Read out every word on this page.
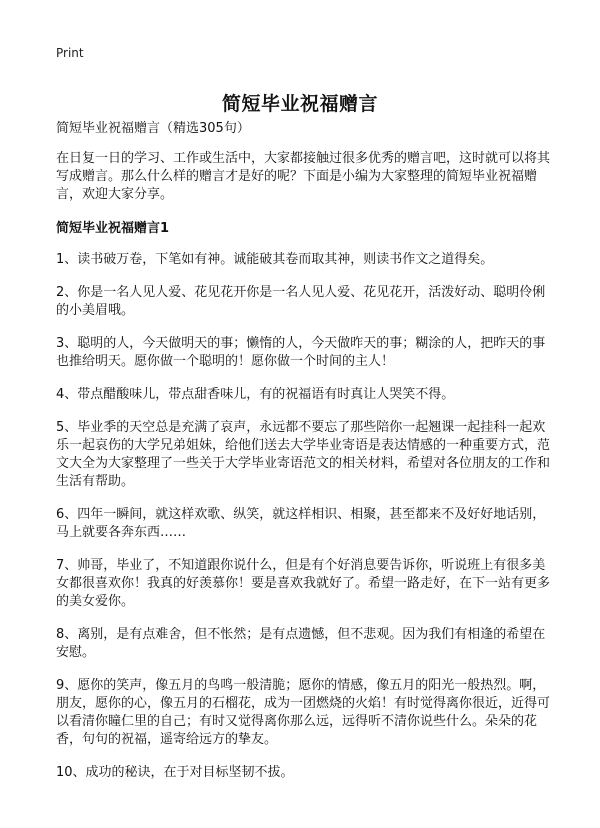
Print
简短毕业祝福赠言

简短毕业祝福赠言（精选305句）

在日复一日的学习、工作或生活中，大家都接触过很多优秀的赠言吧，这时就可以将其写成赠言。那么什么样的赠言才是好的呢？下面是小编为大家整理的简短毕业祝福赠言，欢迎大家分享。

简短毕业祝福赠言1

1、读书破万卷，下笔如有神。诚能破其卷而取其神，则读书作文之道得矣。

2、你是一名人见人爱、花见花开你是一名人见人爱、花见花开，活泼好动、聪明伶俐的小美眉哦。

3、聪明的人，今天做明天的事；懒惰的人，今天做昨天的事；糊涂的人，把昨天的事也推给明天。愿你做一个聪明的！愿你做一个时间的主人！

4、带点醋酸味儿，带点甜香味儿，有的祝福语有时真让人哭笑不得。

5、毕业季的天空总是充满了哀声，永远都不要忘了那些陪你一起翘课一起挂科一起欢乐一起哀伤的大学兄弟姐妹，给他们送去大学毕业寄语是表达情感的一种重要方式，范文大全为大家整理了一些关于大学毕业寄语范文的相关材料，希望对各位朋友的工作和生活有帮助。

6、四年一瞬间，就这样欢歌、纵笑，就这样相识、相聚，甚至都来不及好好地话别，马上就要各奔东西……

7、帅哥，毕业了，不知道跟你说什么，但是有个好消息要告诉你，听说班上有很多美女都很喜欢你！我真的好羡慕你！要是喜欢我就好了。希望一路走好，在下一站有更多的美女爱你。

8、离别，是有点难舍，但不怅然；是有点遗憾，但不悲观。因为我们有相逢的希望在安慰。

9、愿你的笑声，像五月的鸟鸣一般清脆；愿你的情感，像五月的阳光一般热烈。啊，朋友，愿你的心，像五月的石榴花，成为一团燃烧的火焰！有时觉得离你很近，近得可以看清你瞳仁里的自己；有时又觉得离你那么远，远得听不清你说些什么。朵朵的花香，句句的祝福，遥寄给远方的挚友。

10、成功的秘诀，在于对目标坚韧不拔。
